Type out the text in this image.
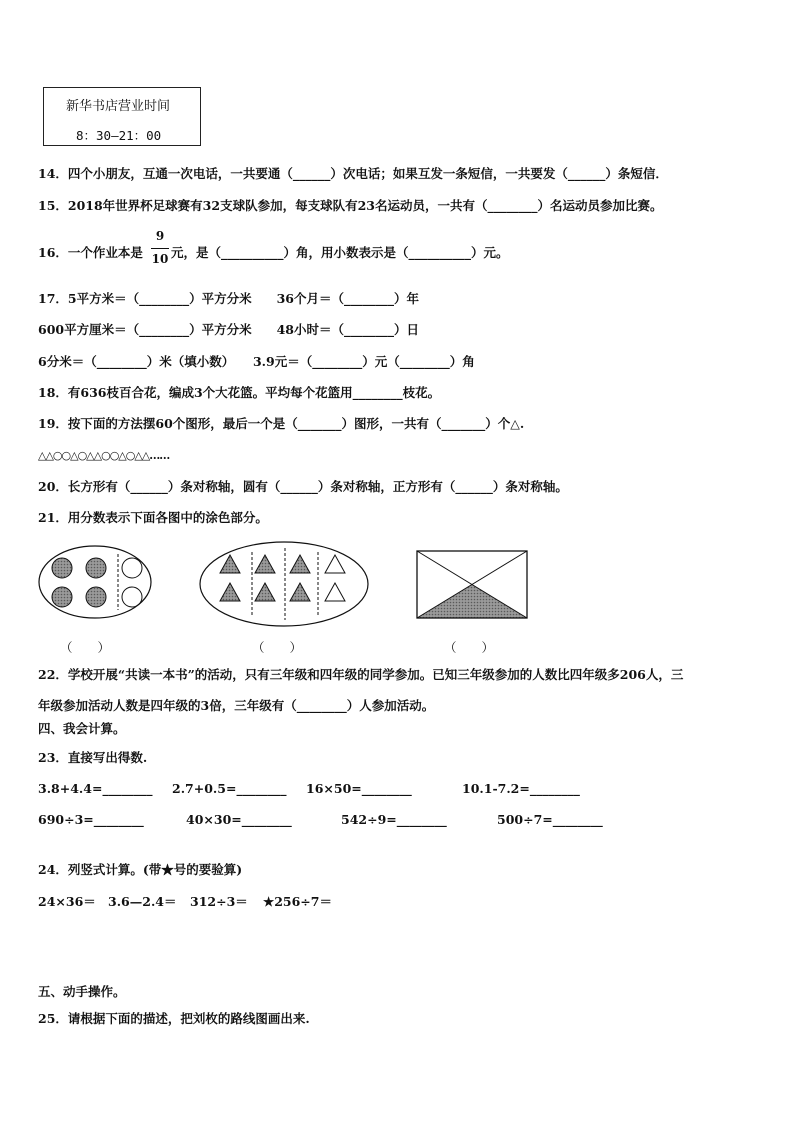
新华书店营业时间
8：30—21：00
14．四个小朋友，互通一次电话，一共要通（______）次电话；如果互发一条短信，一共要发（______）条短信．
15．2018年世界杯足球赛有32支球队参加，每支球队有23名运动员，一共有（________）名运动员参加比赛。
16．一个作业本是
9
10 元，是（__________）角，用小数表示是（__________）元。
17．5平方米＝（________）平方分米　　36个月＝（________）年
600平方厘米＝（________）平方分米　　48小时＝（________）日
6分米＝（________）米（填小数）　　3.9元＝（________）元（________）角
18．有636枝百合花，编成3个大花篮。平均每个花篮用________枝花。
19．按下面的方法摆60个图形，最后一个是（_______）图形，一共有（_______）个△.
△△○○△○△△○○△○△△……
20．长方形有（______）条对称轴，圆有（______）条对称轴，正方形有（______）条对称轴。
21．用分数表示下面各图中的涂色部分。
（　　）	（　　）	（　　）
22．学校开展“共读一本书”的活动，只有三年级和四年级的同学参加。已知三年级参加的人数比四年级多206人，三
年级参加活动人数是四年级的3倍，三年级有（________）人参加活动。
四、我会计算。
23．直接写出得数.
3.8+4.4=________ 2.7+0.5=________ 16×50=________	10.1-7.2=________
690÷3=________	40×30=________	542÷9=________	500÷7=________
24．列竖式计算。(带★号的要验算)
24×36＝ 3.6—2.4＝ 312÷3＝ ★256÷7＝
五、动手操作。
25．请根据下面的描述，把刘枚的路线图画出来.
